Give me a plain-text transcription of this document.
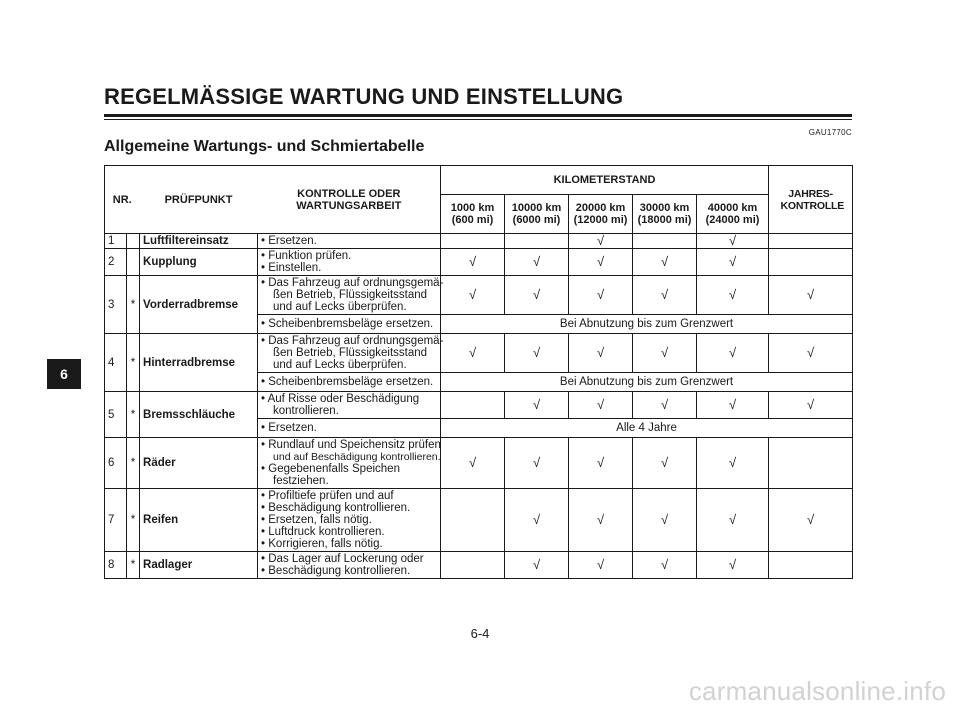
REGELMÄSSIGE WARTUNG UND EINSTELLUNG
GAU1770C
Allgemeine Wartungs- und Schmiertabelle
6
NR.		PRÜFPUNKT	KONTROLLE ODER WARTUNGSARBEIT	KILOMETERSTAND					JAHRES-KONTROLLE

				1000 km
(600 mi)	10000 km
(6000 mi)	20000 km
(12000 mi)	30000 km
(18000 mi)	40000 km
(24000 mi)	

1		Luftfiltereinsatz	• Ersetzen.			√		√	
2		Kupplung	• Funktion prüfen.
• Einstellen.	√	√	√	√	√	
3	*	Vorderradbremse	• Das Fahrzeug auf ordnungsgemä-
ßen Betrieb, Flüssigkeitsstand
und auf Lecks überprüfen.	√	√	√	√	√	√

			• Scheibenbremsbeläge ersetzen.	Bei Abnutzung bis zum Grenzwert					
4	*	Hinterradbremse	• Das Fahrzeug auf ordnungsgemä-
ßen Betrieb, Flüssigkeitsstand
und auf Lecks überprüfen.	√	√	√	√	√	√

			• Scheibenbremsbeläge ersetzen.	Bei Abnutzung bis zum Grenzwert					
5	*	Bremsschläuche	• Auf Risse oder Beschädigung
kontrollieren.		√	√	√	√	√

			• Ersetzen.	Alle 4 Jahre					
6	*	Räder	• Rundlauf und Speichensitz prüfen
und auf Beschädigung kontrollieren.
• Gegebenenfalls Speichen
festziehen.	√	√	√	√	√	
7	*	Reifen	• Profiltiefe prüfen und auf
• Beschädigung kontrollieren.
• Ersetzen, falls nötig.
• Luftdruck kontrollieren.
• Korrigieren, falls nötig.		√	√	√	√	√
8	*	Radlager	• Das Lager auf Lockerung oder
• Beschädigung kontrollieren.		√	√	√	√	
6-4
carmanualsonline.info
